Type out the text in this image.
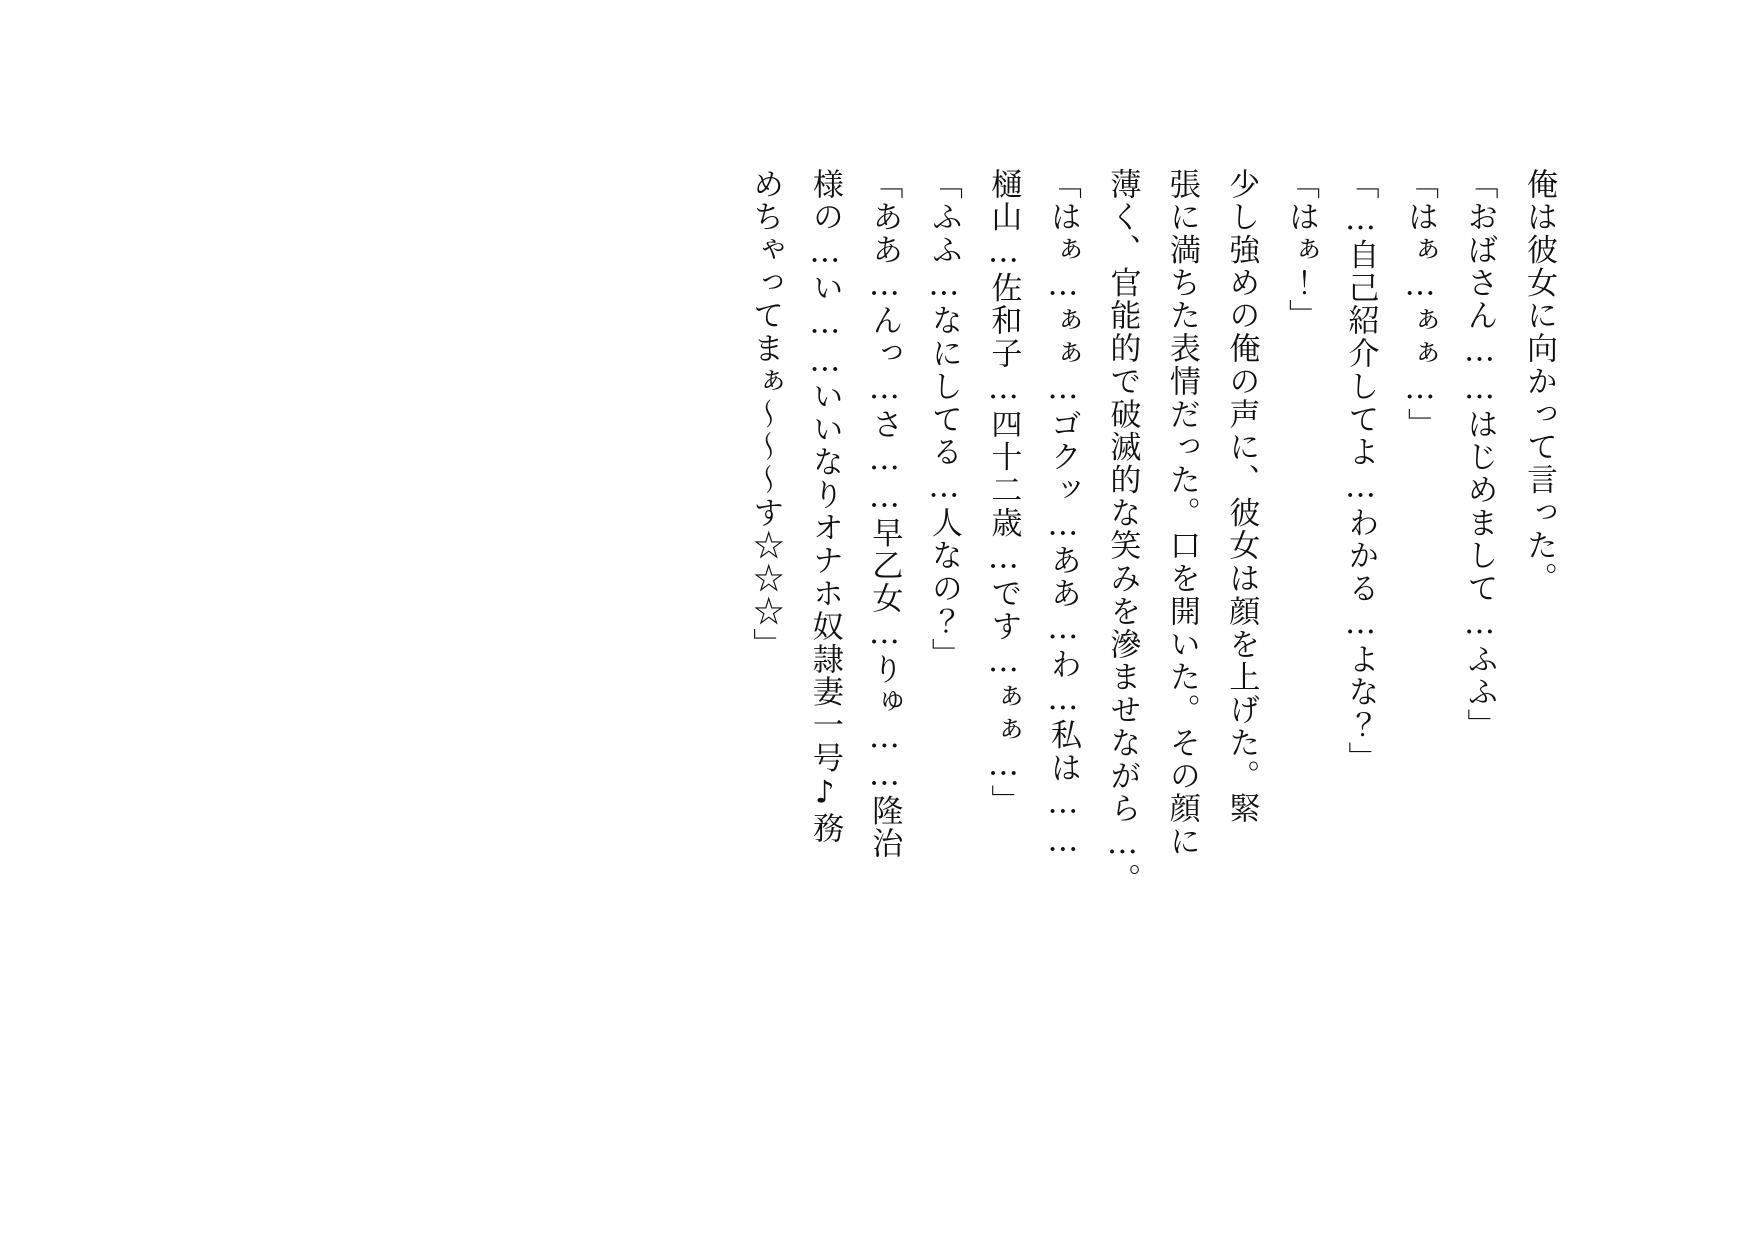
俺は彼女に向かって言った。
「おばさん……はじめまして…ふふ」
「はぁ…ぁぁ…」
「…自己紹介してよ…わかる…よな？」
「はぁ！」
少し強めの俺の声に、彼女は顔を上げた。緊
張に満ちた表情だった。口を開いた。その顔に
薄く、官能的で破滅的な笑みを滲ませながら…。
「はぁ…ぁぁ…ゴクッ…ああ…わ…私は……
樋山…佐和子…四十二歳…です…ぁぁ…」
「ふふ…なにしてる…人なの？」
「ああ…んっ…さ……早乙女…りゅ……隆治
様の…い……いいなりオナホ奴隷妻一号♪務
めちゃってまぁ～～～す☆☆☆」
